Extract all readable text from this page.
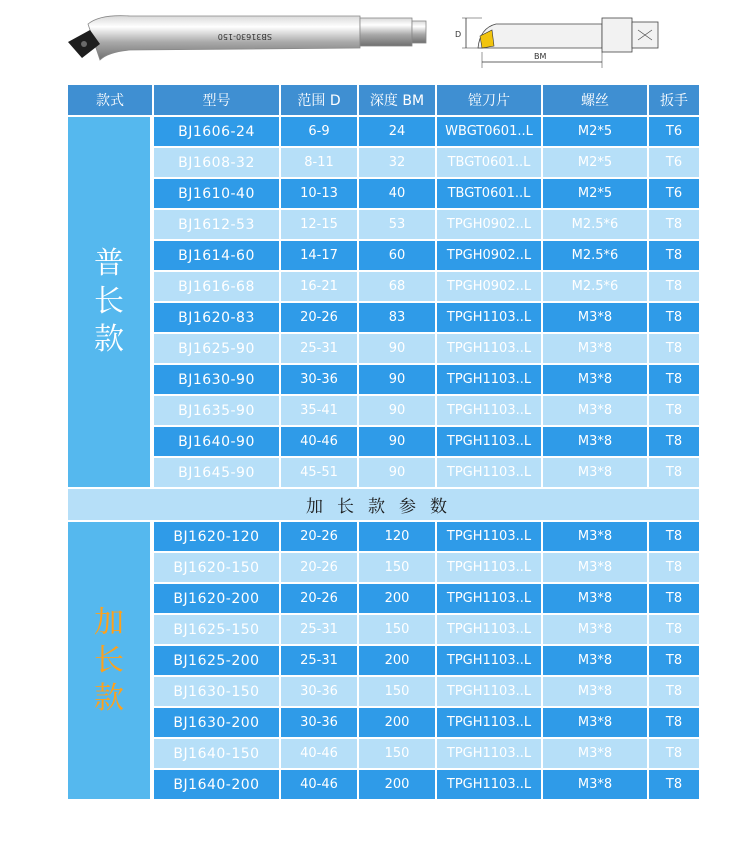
SB31630-150	D
BM
款式	型号	范围 D	深度 BM	镗刀片	螺丝	扳手
普
长
款
BJ1606-24	6-9	24	WBGT0601..L	M2*5	T6
BJ1608-32	8-11	32	TBGT0601..L	M2*5	T6
BJ1610-40	10-13	40	TBGT0601..L	M2*5	T6
BJ1612-53	12-15	53	TPGH0902..L	M2.5*6	T8
BJ1614-60	14-17	60	TPGH0902..L	M2.5*6	T8
BJ1616-68	16-21	68	TPGH0902..L	M2.5*6	T8
BJ1620-83	20-26	83	TPGH1103..L	M3*8	T8
BJ1625-90	25-31	90	TPGH1103..L	M3*8	T8
BJ1630-90	30-36	90	TPGH1103..L	M3*8	T8
BJ1635-90	35-41	90	TPGH1103..L	M3*8	T8
BJ1640-90	40-46	90	TPGH1103..L	M3*8	T8
BJ1645-90	45-51	90	TPGH1103..L	M3*8	T8
加长款参数
加
长
款
BJ1620-120	20-26	120	TPGH1103..L	M3*8	T8
BJ1620-150	20-26	150	TPGH1103..L	M3*8	T8
BJ1620-200	20-26	200	TPGH1103..L	M3*8	T8
BJ1625-150	25-31	150	TPGH1103..L	M3*8	T8
BJ1625-200	25-31	200	TPGH1103..L	M3*8	T8
BJ1630-150	30-36	150	TPGH1103..L	M3*8	T8
BJ1630-200	30-36	200	TPGH1103..L	M3*8	T8
BJ1640-150	40-46	150	TPGH1103..L	M3*8	T8
BJ1640-200	40-46	200	TPGH1103..L	M3*8	T8
